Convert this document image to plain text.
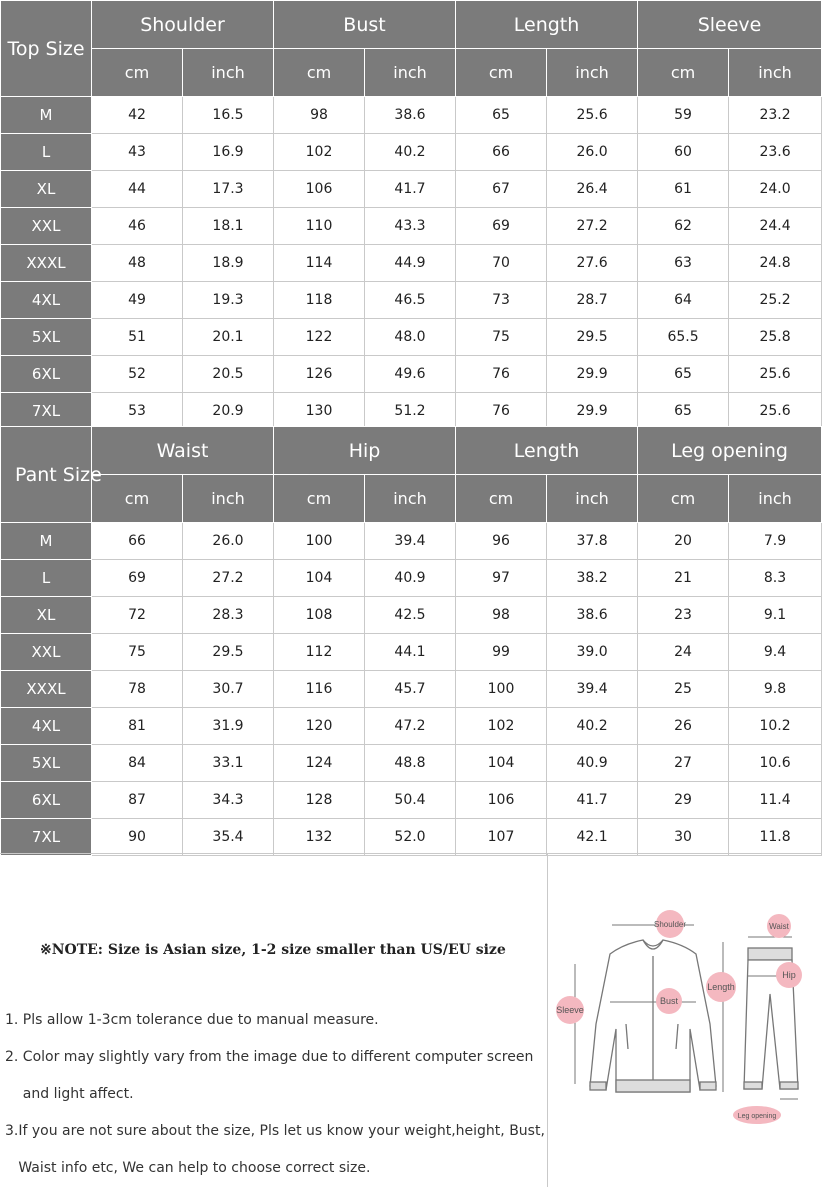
Top Size	Shoulder		Bust		Length		Sleeve	
	cm	inch	cm	inch	cm	inch	cm	inch
M	42	16.5	98	38.6	65	25.6	59	23.2
L	43	16.9	102	40.2	66	26.0	60	23.6
XL	44	17.3	106	41.7	67	26.4	61	24.0
XXL	46	18.1	110	43.3	69	27.2	62	24.4
XXXL	48	18.9	114	44.9	70	27.6	63	24.8
4XL	49	19.3	118	46.5	73	28.7	64	25.2
5XL	51	20.1	122	48.0	75	29.5	65.5	25.8
6XL	52	20.5	126	49.6	76	29.9	65	25.6
7XL	53	20.9	130	51.2	76	29.9	65	25.6
Pant Size	Waist		Hip		Length		Leg opening	
	cm	inch	cm	inch	cm	inch	cm	inch
M	66	26.0	100	39.4	96	37.8	20	7.9
L	69	27.2	104	40.9	97	38.2	21	8.3
XL	72	28.3	108	42.5	98	38.6	23	9.1
XXL	75	29.5	112	44.1	99	39.0	24	9.4
XXXL	78	30.7	116	45.7	100	39.4	25	9.8
4XL	81	31.9	120	47.2	102	40.2	26	10.2
5XL	84	33.1	124	48.8	104	40.9	27	10.6
6XL	87	34.3	128	50.4	106	41.7	29	11.4
7XL	90	35.4	132	52.0	107	42.1	30	11.8
※NOTE: Size is Asian size, 1-2 size smaller than US/EU size
1. Pls allow 1-3cm tolerance due to manual measure.
2. Color may slightly vary from the image due to different computer screen
and light affect.
3.If you are not sure about the size, Pls let us know your weight,height, Bust,
Waist info etc, We can help to choose correct size.
Shoulder
Bust
Sleeve
Length
Waist
Hip
Leg opening
